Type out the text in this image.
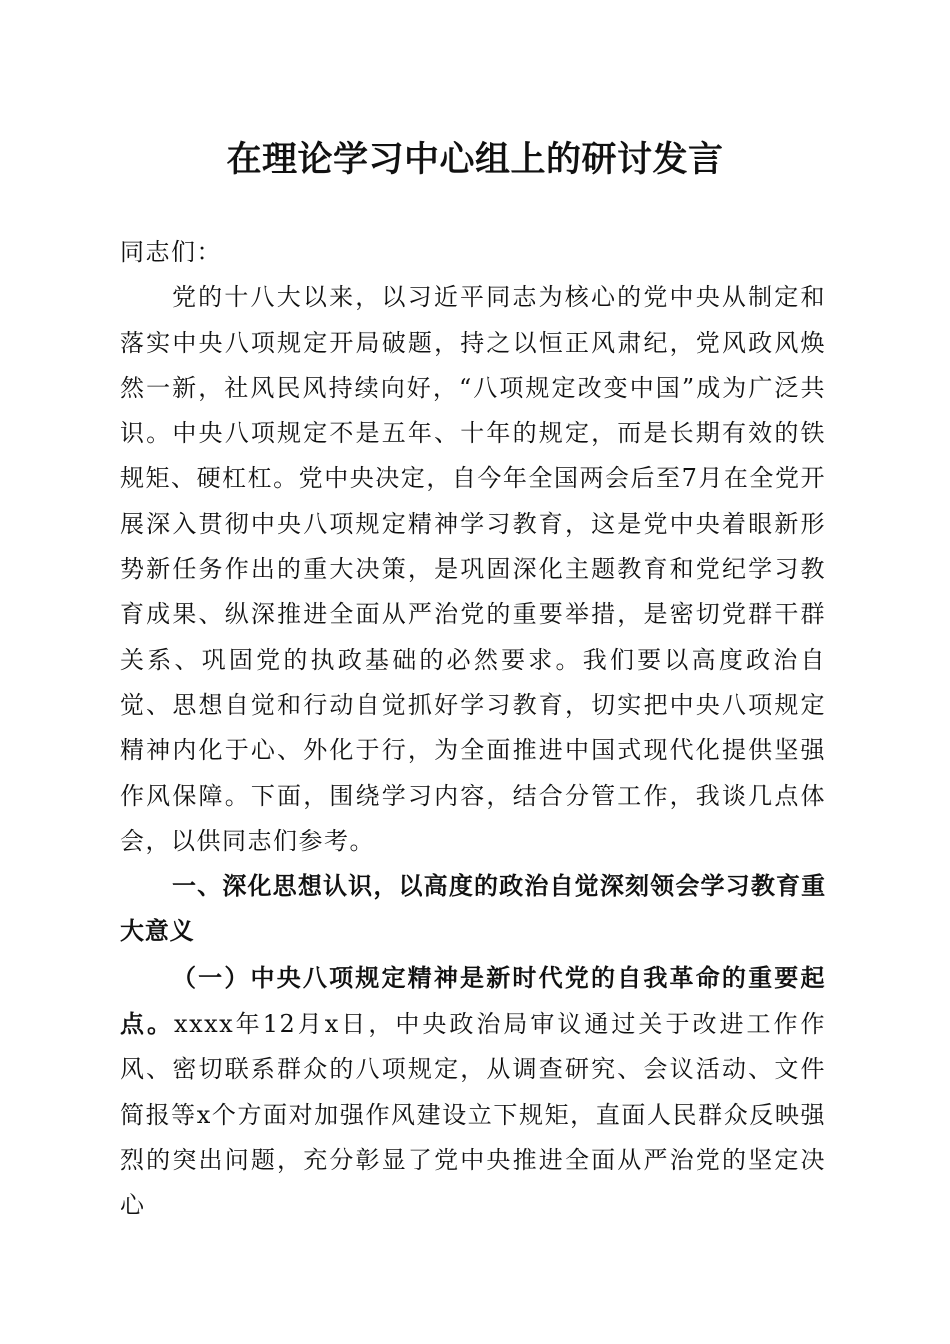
在理论学习中心组上的研讨发言

同志们：

党的十八大以来，以习近平同志为核心的党中央从制定和落实中央八项规定开局破题，持之以恒正风肃纪，党风政风焕然一新，社风民风持续向好，“八项规定改变中国”成为广泛共识。中央八项规定不是五年、十年的规定，而是长期有效的铁规矩、硬杠杠。党中央决定，自今年全国两会后至7月在全党开展深入贯彻中央八项规定精神学习教育，这是党中央着眼新形势新任务作出的重大决策，是巩固深化主题教育和党纪学习教育成果、纵深推进全面从严治党的重要举措，是密切党群干群关系、巩固党的执政基础的必然要求。我们要以高度政治自觉、思想自觉和行动自觉抓好学习教育，切实把中央八项规定精神内化于心、外化于行，为全面推进中国式现代化提供坚强作风保障。下面，围绕学习内容，结合分管工作，我谈几点体会，以供同志们参考。

一、深化思想认识，以高度的政治自觉深刻领会学习教育重大意义

（一）中央八项规定精神是新时代党的自我革命的重要起点。xxxx年12月x日，中央政治局审议通过关于改进工作作风、密切联系群众的八项规定，从调查研究、会议活动、文件简报等x个方面对加强作风建设立下规矩，直面人民群众反映强烈的突出问题，充分彰显了党中央推进全面从严治党的坚定决心
